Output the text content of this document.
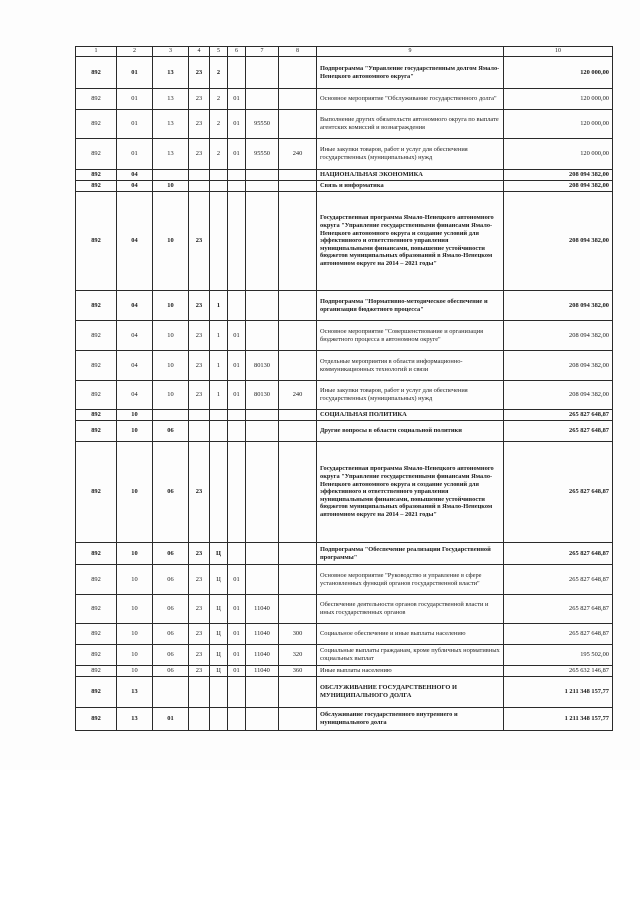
1	2	3	4	5	6	7	8	9	10
892	01	13	23	2				Подпрограмма "Управление государственным долгом Ямало-Ненецкого автономного округа"	120 000,00
892	01	13	23	2	01			Основное мероприятие "Обслуживание государственного долга"	120 000,00
892	01	13	23	2	01	95550		Выполнение других обязательств автономного округа по выплате агентских комиссий и вознаграждения	120 000,00
892	01	13	23	2	01	95550	240	Иные закупки товаров, работ и услуг для обеспечения государственных (муниципальных) нужд	120 000,00
892	04							НАЦИОНАЛЬНАЯ ЭКОНОМИКА	208 094 382,00
892	04	10						Связь и информатика	208 094 382,00
892	04	10	23					Государственная программа Ямало-Ненецкого автономного округа "Управление государственными финансами Ямало-Ненецкого автономного округа и создание условий для эффективного и ответственного управления муниципальными финансами, повышение устойчивости бюджетов муниципальных образований в Ямало-Ненецком автономном округе на 2014 – 2021 годы"	208 094 382,00
892	04	10	23	1				Подпрограмма "Нормативно-методическое обеспечение и организация бюджетного процесса"	208 094 382,00
892	04	10	23	1	01			Основное мероприятие "Совершенствование и организация бюджетного процесса в автономном округе"	208 094 382,00
892	04	10	23	1	01	80130		Отдельные мероприятия в области информационно-коммуникационных технологий и связи	208 094 382,00
892	04	10	23	1	01	80130	240	Иные закупки товаров, работ и услуг для обеспечения государственных (муниципальных) нужд	208 094 382,00
892	10							СОЦИАЛЬНАЯ ПОЛИТИКА	265 827 648,87
892	10	06						Другие вопросы в области социальной политики	265 827 648,87
892	10	06	23					Государственная программа Ямало-Ненецкого автономного округа "Управление государственными финансами Ямало-Ненецкого автономного округа и создание условий для эффективного и ответственного управления муниципальными финансами, повышение устойчивости бюджетов муниципальных образований в Ямало-Ненецком автономном округе на 2014 – 2021 годы"	265 827 648,87
892	10	06	23	Ц				Подпрограмма "Обеспечение реализации Государственной программы"	265 827 648,87
892	10	06	23	Ц	01			Основное мероприятие "Руководство и управление в сфере установленных функций органов государственной власти"	265 827 648,87
892	10	06	23	Ц	01	11040		Обеспечение деятельности органов государственной власти и иных государственных органов	265 827 648,87
892	10	06	23	Ц	01	11040	300	Социальное обеспечение и иные выплаты населению	265 827 648,87
892	10	06	23	Ц	01	11040	320	Социальные выплаты гражданам, кроме публичных нормативных социальных выплат	195 502,00
892	10	06	23	Ц	01	11040	360	Иные выплаты населению	265 632 146,87
892	13							ОБСЛУЖИВАНИЕ ГОСУДАРСТВЕННОГО И МУНИЦИПАЛЬНОГО ДОЛГА	1 211 348 157,77
892	13	01						Обслуживание государственного внутреннего и муниципального долга	1 211 348 157,77
